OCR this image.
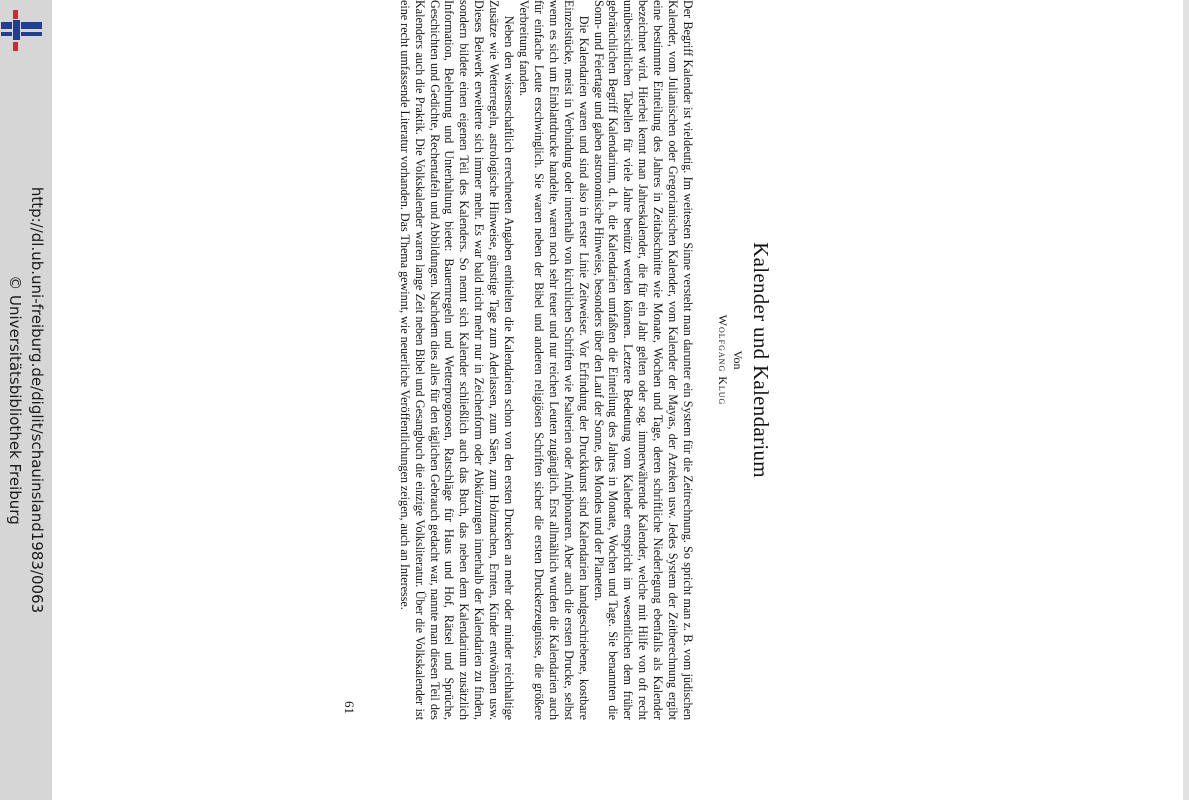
http://dl.ub.uni-freiburg.de/diglit/schauinsland1983/0063
© Universitätsbibliothek Freiburg	Kalender und Kalendarium
Von
Wolfgang Klug

Der Begriff Kalender ist vieldeutig. Im weitesten Sinne versteht man darunter ein System für die Zeitrechnung. So spricht man z. B. vom jüdischen Kalender, vom Julianischen oder Gregorianischen Kalender, vom Kalender der Mayas, der Azteken usw. Jedes System der Zeitberechnung ergibt eine bestimmte Einteilung des Jahres in Zeitabschnitte wie Monate, Wochen und Tage, deren schriftliche Niederlegung ebenfalls als Kalender bezeichnet wird. Hierbei kennt man Jahreskalender, die für ein Jahr gelten oder sog. immerwährende Kalender, welche mit Hilfe von oft recht unübersichtlichen Tabellen für viele Jahre benützt werden können. Letztere Bedeutung vom Kalender entspricht im wesentlichen dem früher gebräuchlichen Begriff Kalendarium, d. h. die Kalendarien umfaßten die Einteilung des Jahres in Monate, Wochen und Tage. Sie benannten die Sonn- und Feiertage und gaben astronomische Hinweise, besonders über den Lauf der Sonne, des Mondes und der Planeten.

Die Kalendarien waren und sind also in erster Linie Zeitweiser. Vor Erfindung der Druckkunst sind Kalendarien handgeschriebene, kostbare Einzelstücke, meist in Verbindung oder innerhalb von kirchlichen Schriften wie Psalterien oder Antiphonaren. Aber auch die ersten Drucke, selbst wenn es sich um Einblattdrucke handelte, waren noch sehr teuer und nur reichen Leuten zugänglich. Erst allmählich wurden die Kalendarien auch für einfache Leute erschwinglich. Sie waren neben der Bibel und anderen religiösen Schriften sicher die ersten Druckerzeugnisse, die größere Verbreitung fanden.

Neben den wissenschaftlich errechneten Angaben enthielten die Kalendarien schon von den ersten Drucken an mehr oder minder reichhaltige Zusätze wie Wetterregeln, astrologische Hinweise, günstige Tage zum Aderlassen, zum Säen, zum Holzmachen, Ernten, Kinder entwöhnen usw. Dieses Beiwerk erweiterte sich immer mehr. Es war bald nicht mehr nur in Zeichenform oder Abkürzungen innerhalb der Kalendarien zu finden, sondern bildete einen eigenen Teil des Kalenders. So nennt sich Kalender schließlich auch das Buch, das neben dem Kalendarium zusätzlich Information, Belehrung und Unterhaltung bietet: Bauernregeln und Wetterprognosen, Ratschläge für Haus und Hof, Rätsel und Sprüche, Geschichten und Gedichte, Rechentafeln und Abbildungen. Nachdem dies alles für den täglichen Gebrauch gedacht war, nannte man diesen Teil des Kalenders auch die Praktik. Die Volkskalender waren lange Zeit neben Bibel und Gesangbuch die einzige Volksliteratur. Über die Volkskalender ist eine recht umfassende Literatur vorhanden. Das Thema gewinnt, wie neuerliche Veröffentlichungen zeigen, auch an Interesse.

61
